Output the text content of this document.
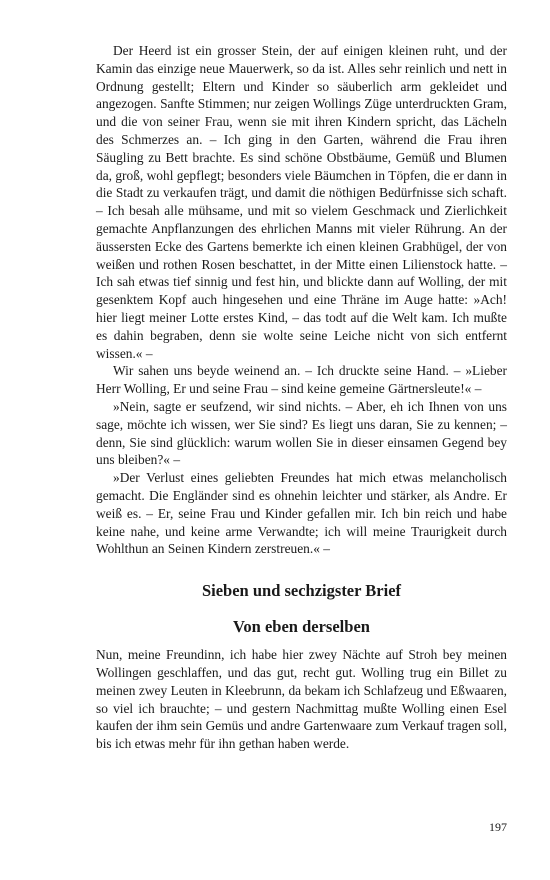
Der Heerd ist ein grosser Stein, der auf einigen kleinen ruht, und der Kamin das einzige neue Mauerwerk, so da ist. Alles sehr reinlich und nett in Ordnung gestellt; Eltern und Kinder so säuberlich arm gekleidet und angezogen. Sanfte Stimmen; nur zeigen Wollings Züge unterdruckten Gram, und die von seiner Frau, wenn sie mit ihren Kindern spricht, das Lächeln des Schmerzes an. – Ich ging in den Garten, während die Frau ihren Säugling zu Bett brachte. Es sind schöne Obstbäume, Gemüß und Blumen da, groß, wohl gepflegt; besonders viele Bäumchen in Töpfen, die er dann in die Stadt zu verkaufen trägt, und damit die nöthigen Bedürfnisse sich schaft. – Ich besah alle mühsame, und mit so vielem Geschmack und Zierlichkeit gemachte Anpflanzungen des ehrlichen Manns mit vieler Rührung. An der äussersten Ecke des Gartens bemerkte ich einen kleinen Grabhügel, der von weißen und rothen Rosen beschattet, in der Mitte einen Lilienstock hatte. – Ich sah etwas tief sinnig und fest hin, und blickte dann auf Wolling, der mit gesenktem Kopf auch hingesehen und eine Thräne im Auge hatte: »Ach! hier liegt meiner Lotte erstes Kind, – das todt auf die Welt kam. Ich mußte es dahin begraben, denn sie wolte seine Leiche nicht von sich entfernt wissen.« –

Wir sahen uns beyde weinend an. – Ich druckte seine Hand. – »Lieber Herr Wolling, Er und seine Frau – sind keine gemeine Gärtnersleute!« –

»Nein, sagte er seufzend, wir sind nichts. – Aber, eh ich Ihnen von uns sage, möchte ich wissen, wer Sie sind? Es liegt uns daran, Sie zu kennen; – denn, Sie sind glücklich: warum wollen Sie in dieser einsamen Gegend bey uns bleiben?« –

»Der Verlust eines geliebten Freundes hat mich etwas melancholisch gemacht. Die Engländer sind es ohnehin leichter und stärker, als Andre. Er weiß es. – Er, seine Frau und Kinder gefallen mir. Ich bin reich und habe keine nahe, und keine arme Verwandte; ich will meine Traurigkeit durch Wohlthun an Seinen Kindern zerstreuen.« –

Sieben und sechzigster Brief
Von eben derselben

Nun, meine Freundinn, ich habe hier zwey Nächte auf Stroh bey meinen Wollingen geschlaffen, und das gut, recht gut. Wolling trug ein Billet zu meinen zwey Leuten in Kleebrunn, da bekam ich Schlafzeug und Eßwaaren, so viel ich brauchte; – und gestern Nachmittag mußte Wolling einen Esel kaufen der ihm sein Gemüs und andre Gartenwaare zum Verkauf tragen soll, bis ich etwas mehr für ihn gethan haben werde.

197
